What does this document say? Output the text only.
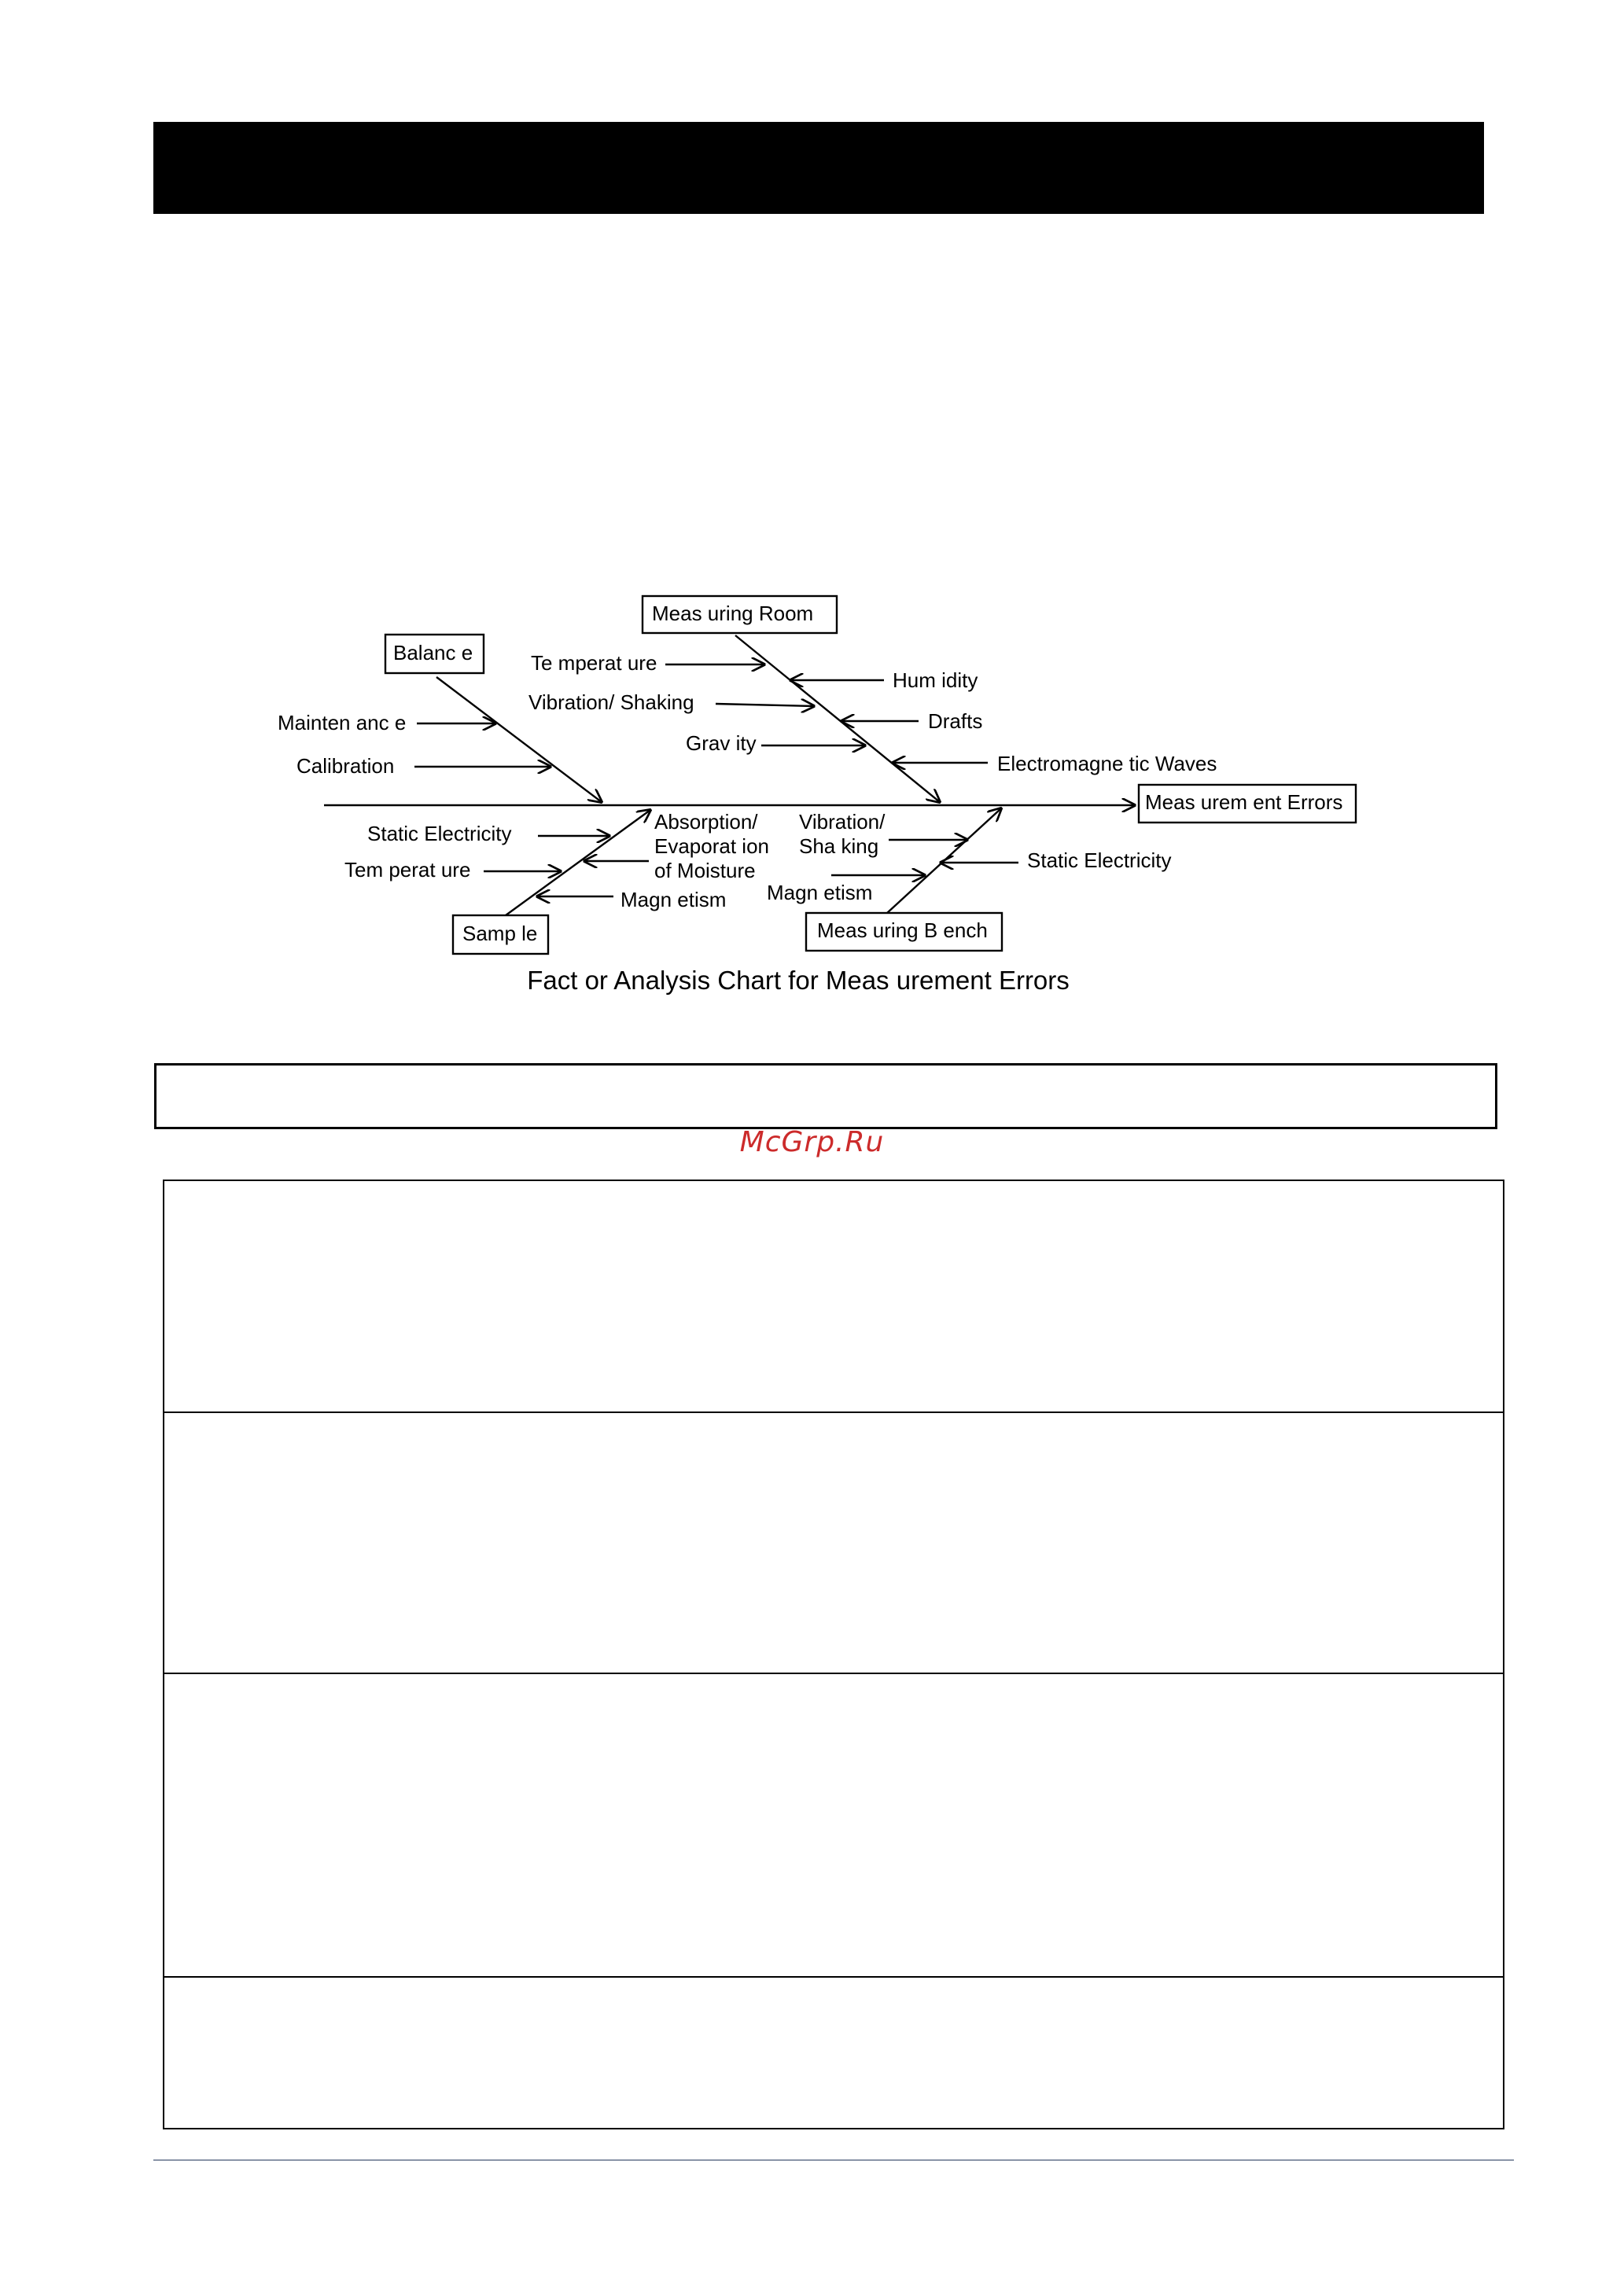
Meas urem ent Errors
Balanc e
Mainten anc e
Calibration
Meas uring Room
Te mperat ure
Vibration/ Shaking
Grav ity
Hum idity
Drafts
Electromagne tic Waves
Samp le
Static Electricity
Tem perat ure
Magn etism
Absorption/
Evaporat ion
of Moisture
Meas uring B ench
Vibration/
Sha king
Magn etism
Static Electricity
Fact or Analysis Chart for Meas urement Errors
McGrp.Ru
